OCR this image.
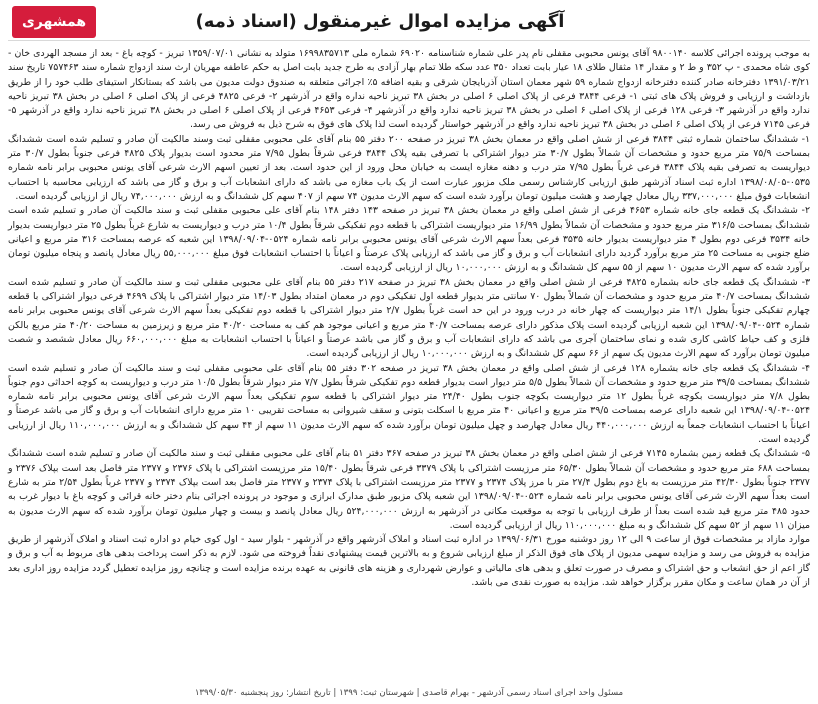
آگهی مزایده اموال غیرمنقول (اسناد ذمه)
همشهری

به موجب پرونده اجرائی کلاسه ۹۸۰۰۱۴۰ آقای یونس محبوبی مقفلی نام پدر علی شماره شناسنامه ۶۹۰۲۰ شماره ملی ۱۶۹۹۸۳۵۷۱۳ متولد به نشانی ۱۳۵۹/۰۷/۰۱ تبریز - کوچه باغ - بعد از مسجد الهردی خان - کوی شاه محمدی - پ ۳۵۲ و ط ۲ و مقدار ۱۴ مثقال طلای ۱۸ عیار بابت تعداد ۳۵۰ عدد سکه طلا تمام بهار آزادی به طرح جدید بابت اصل به حکم عاطفه مهریان ارث سند ازدواج شماره سند ۷۵۷۴۶۳ تاریخ سند ۱۳۹۱/۰۳/۲۱ دفترخانه صادر کننده دفترخانه ازدواج شماره ۵۹ شهر معمان استان آذربایجان شرقی و بقیه اضافه ۵٪ اجرائی متعلقه به صندوق دولت مدیون می باشد که بستانکار استیفای طلب خود را از طریق بازداشت و ارزیابی و فروش پلاک های ثبتی ۱- فرعی ۳۸۴۴ فرعی از پلاک اصلی ۶ اصلی در بخش ۳۸ تبریز ناحیه نداره واقع در آذرشهر ۲- فرعی ۴۸۲۵ فرعی از پلاک اصلی ۶ اصلی در بخش ۳۸ تبریز ناحیه ندارد واقع در آذرشهر ۳- فرعی ۱۲۸ فرعی از پلاک اصلی ۶ اصلی در بخش ۳۸ تبریز ناحیه ندارد واقع در آذرشهر ۴- فرعی ۴۶۵۳ فرعی از پلاک اصلی ۶ اصلی در بخش ۳۸ تبریز ناحیه ندارد واقع در آذرشهر ۵- فرعی ۷۱۴۵ فرعی از پلاک اصلی ۶ اصلی در بخش ۳۸ تبریز ناحیه ندارد واقع در آذرشهر خواستار گردیده است لذا پلاک های فوق به شرح ذیل به فروش می رسد.

۱- ششدانگ ساختمان شماره ثبتی ۳۸۴۴ فرعی از شش اصلی واقع در معمان بخش ۳۸ تبریز در صفحه ۲۰۰ دفتر ۵۵ بنام آقای علی محبوبی مقفلی ثبت وسند مالکیت آن صادر و تسلیم شده است ششدانگ بمساحت ۷۵/۹ متر مربع حدود و مشخصات آن شمالاً بطول ۳۰/۷ متر دیوار اشتراکی با تصرفی بقیه پلاک ۳۸۴۴ فرعی شرقاً بطول ۷/۹۵ متر محدود است بدیوار پلاک ۴۸۲۵ فرعی جنوباً بطول ۳۰/۷ متر دیواریست به تصرفی بقیه پلاک ۳۸۴۴ فرعی غرباً بطول ۷/۹۵ متر درب و دهنه مغازه ایست به خیابان محل ورود از این حدود است. بعد از تعیین اسهم الارث شرعی آقای یونس محبوبی برابر نامه شماره ۰۵۳۵-۱۳۹۸/۰۸/۰۵ اداره ثبت اسناد آذرشهر طبق ارزیابی کارشناس رسمی ملک مزبور عبارت است از یک باب مغازه می باشد که دارای انشعابات آب و برق و گاز می باشد که ارزیابی محاسبه با احتساب انشعابات فوق مبلغ ۳۳۷,۰۰۰,۰۰۰ ریال معادل چهارصد و هشت میلیون تومان برآورد شده است که سهم الارث مدیون ۷۴ سهم از ۴۰۷ سهم کل ششدانگ و به ارزش ۷۴,۰۰۰,۰۰۰ ریال از ارزیابی گردیده است.

۲- ششدانگ یک قطعه جای خانه شماره ۴۶۵۳ فرعی از شش اصلی واقع در معمان بخش ۳۸ تبریز در صفحه ۱۴۳ دفتر ۱۴۸ بنام آقای علی محبوبی مقفلی ثبت و سند مالکیت آن صادر و تسلیم شده است ششدانگ بمساحت ۳۱۶/۵ متر مربع حدود و مشخصات آن شمالاً بطول ۱۶/۹۹ متر دیواریست اشتراکی با قطعه دوم تفکیکی شرقاً بطول ۱۰/۴ متر درب و دیواریست به شارع غرباً بطول ۲۵ متر دیواریست بدیوار خانه ۳۵۳۴ فرعی دوم بطول ۴ متر دیواریست بدیوار خانه ۳۵۳۵ فرعی بعداً سهم الارث شرعی آقای یونس محبوبی برابر نامه شماره ۰۵۲۴-۱۳۹۸/۰۹/۰۴ این شعبه که عرصه بمساحت ۳۱۶ متر مربع و اعیانی ضلع جنوبی به مساحت ۲۵ متر مربع برآورد گردید دارای انشعابات آب و برق و گاز می باشد که ارزیابی پلاک عرصتاً و اعیاناً با احتساب انشعابات فوق مبلغ ۵۵,۰۰۰,۰۰۰ ریال معادل پانصد و پنجاه میلیون تومان برآورد شده که سهم الارث مدیون ۱۰ سهم از ۵۵ سهم کل ششدانگ و به ارزش ۱۰,۰۰۰,۰۰۰ ریال از ارزیابی گردیده است.

۳- ششدانگ یک قطعه جای خانه بشماره ۴۸۲۵ فرعی از شش اصلی واقع در معمان بخش ۳۸ تبریز در صفحه ۲۱۷ دفتر ۵۵ بنام آقای علی محبوبی مقفلی ثبت و سند مالکیت آن صادر و تسلیم شده است ششدانگ بمساحت ۴۰/۷ متر مربع حدود و مشخصات آن شمالاً بطول ۷۰ سانتی متر بدیوار قطعه اول تفکیکی دوم در معمان امتداد بطول ۱۴/۰۳ متر دیوار اشتراکی با پلاک ۴۶۹۹ فرعی دیوار اشتراکی با قطعه چهارم تفکیکی جنوباً بطول ۱۴/۱ متر دیواریست که چهار خانه در درب ورود در این حد است غرباً بطول ۲/۷ متر دیوار اشتراکی با قطعه دوم تفکیکی بعداً سهم الارث شرعی آقای یونس محبوبی برابر نامه شماره ۰۵۲۴-۱۳۹۸/۰۹/۰۴ این شعبه ارزیابی گردیده است پلاک مذکور دارای عرصه بمساحت ۴۰/۷ متر مربع و اعیانی موجود هم کف به مساحت ۴۰/۲۰ متر مربع و زیرزمین به مساحت ۴۰/۲۰ متر مربع بالکن فلزی و کف حیاط کاشی کاری شده و نمای ساختمان آجری می باشد که دارای انشعابات آب و برق و گاز می باشد عرصتاً و اعیاناً با احتساب انشعابات به مبلغ ۶۶۰,۰۰۰,۰۰۰ ریال معادل ششصد و شصت میلیون تومان برآورد که سهم الارث مدیون یک سهم از ۶۶ سهم کل ششدانگ و به ارزش ۱۰,۰۰۰,۰۰۰ ریال از ارزیابی گردیده است.

۴- ششدانگ یک قطعه جای خانه بشماره ۱۲۸ فرعی از شش اصلی واقع در معمان بخش ۳۸ تبریز در صفحه ۳۰۲ دفتر ۵۵ بنام آقای علی محبوبی مقفلی ثبت و سند مالکیت آن صادر و تسلیم شده است ششدانگ بمساحت ۳۹/۵ متر مربع حدود و مشخصات آن شمالاً بطول ۵/۵ متر دیوار است بدیوار قطعه دوم تفکیکی شرقاً بطول ۷/۷ متر دیوار شرقاً بطول ۱۰/۵ متر درب و دیواریست به کوچه احداثی دوم جنوباً بطول ۷/۸ متر دیواریست بکوچه غرباً بطول ۱۲ متر دیواریست بکوچه جنوب بطول ۲۴/۴۰ متر دیوار اشتراکی با قطعه سوم تفکیکی بعداً سهم الارث شرعی آقای یونس محبوبی برابر نامه شماره ۰۵۲۴-۱۳۹۸/۰۹/۰۴ این شعبه دارای عرصه بمساحت ۳۹/۵ متر مربع و اعیانی ۴۰ متر مربع با اسکلت بتونی و سقف شیروانی به مساحت تقریبی ۱۰ متر مربع دارای انشعابات آب و برق و گاز می باشد عرصتاً و اعیاناً با احتساب انشعابات جمعاً به ارزش ۴۴۰,۰۰۰,۰۰۰ ریال معادل چهارصد و چهل میلیون تومان برآورد شده که سهم الارث مدیون ۱۱ سهم از ۴۴ سهم کل ششدانگ و به ارزش ۱۱۰,۰۰۰,۰۰۰ ریال از ارزیابی گردیده است.

۵- ششدانگ یک قطعه زمین بشماره ۷۱۴۵ فرعی از شش اصلی واقع در معمان بخش ۳۸ تبریز در صفحه ۳۶۷ دفتر ۵۱ بنام آقای علی محبوبی مقفلی ثبت و سند مالکیت آن صادر و تسلیم شده است ششدانگ بمساحت ۶۸۸ متر مربع حدود و مشخصات آن شمالاً بطول ۶۵/۳۰ متر مرزیست اشتراکی با پلاک ۳۳۷۹ فرعی شرقاً بطول ۱۵/۴۰ متر مرزیست اشتراکی با پلاک ۲۳۷۶ و ۲۳۷۷ متر فاصل بعد است بپلاک ۲۳۷۶ و ۲۳۷۷ جنوباً بطول ۴۲/۳۰ متر مرزیست به باغ دوم بطول ۲۷/۴ متر با مرز پلاک ۲۳۷۴ و ۲۳۷۷ متر مرزیست اشتراکی با پلاک ۲۳۷۴ و ۲۳۷۷ متر فاصل بعد است بپلاک ۲۳۷۴ و ۲۳۷۷ غرباً بطول ۲/۵۴ متر به شارع است بعداً سهم الارث شرعی آقای یونس محبوبی برابر نامه شماره ۰۵۲۴-۱۳۹۸/۰۹/۰۴ این شعبه پلاک مزبور طبق مدارک ابرازی و موجود در پرونده اجرائی بنام دختر خانه قرائی و کوچه باغ با دیوار غرب به حدود ۴۸۵ متر مربع قید شده است بعداً از طرف ارزیابی با توجه به موقعیت مکانی در آذرشهر به ارزش ۵۲۴,۰۰۰,۰۰۰ ریال معادل پانصد و بیست و چهار میلیون تومان برآورد شده که سهم الارث مدیون به میزان ۱۱ سهم از ۵۲ سهم کل ششدانگ و به مبلغ ۱۱۰,۰۰۰,۰۰۰ ریال از ارزیابی گردیده است.

موارد مازاد بر مشخصات فوق از ساعت ۹ الی ۱۲ روز دوشنبه مورخ ۱۳۹۹/۰۶/۳۱ در اداره ثبت اسناد و املاک آذرشهر واقع در آذرشهر - بلوار سید - اول کوی خیام دو اداره ثبت اسناد و املاک آذرشهر از طریق مزایده به فروش می رسد و مزایده سهمی مدیون از پلاک های فوق الذکر از مبلغ ارزیابی شروع و به بالاترین قیمت پیشنهادی نقداً فروخته می شود. لازم به ذکر است پرداخت بدهی های مربوط به آب و برق و گاز اعم از حق انشعاب و حق اشتراک و مصرف در صورت تعلق و بدهی های مالیاتی و عوارض شهرداری و هزینه های قانونی به عهده برنده مزایده است و چنانچه روز مزایده تعطیل گردد مزایده روز اداری بعد از آن در همان ساعت و مکان مقرر برگزار خواهد شد. مزایده به صورت نقدی می باشد.

مسئول واحد اجرای اسناد رسمی آذرشهر - بهرام قاصدی | شهرستان ثبت: ۱۳۹۹ | تاریخ انتشار: روز پنجشنبه ۱۳۹۹/۰۵/۳۰
